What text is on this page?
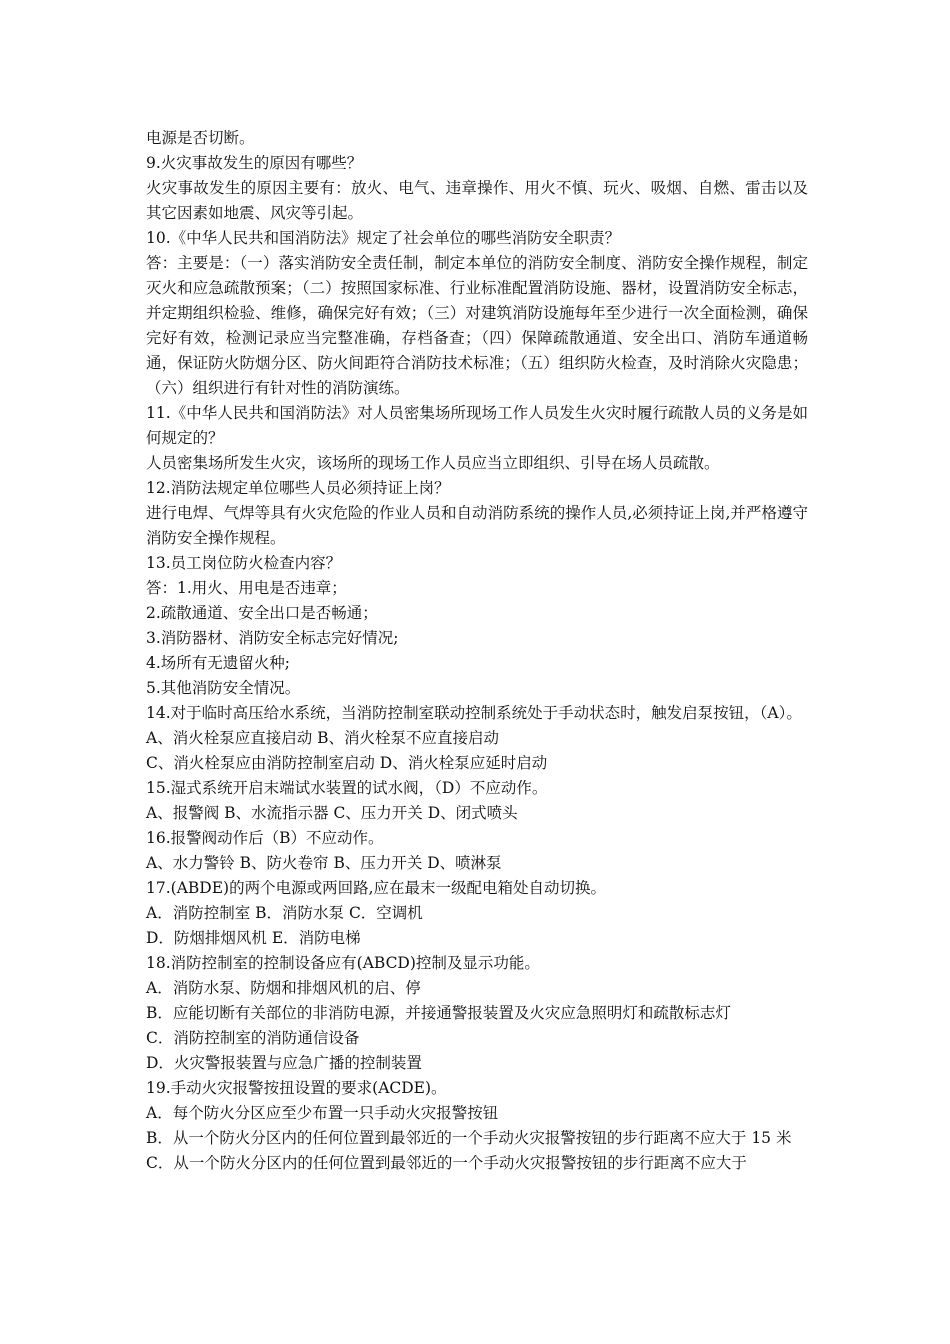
电源是否切断。

9.火灾事故发生的原因有哪些？

火灾事故发生的原因主要有：放火、电气、违章操作、用火不慎、玩火、吸烟、自燃、雷击以及其它因素如地震、风灾等引起。

10.《中华人民共和国消防法》规定了社会单位的哪些消防安全职责？

答：主要是：（一）落实消防安全责任制，制定本单位的消防安全制度、消防安全操作规程，制定灭火和应急疏散预案；（二）按照国家标准、行业标准配置消防设施、器材，设置消防安全标志，并定期组织检验、维修，确保完好有效；（三）对建筑消防设施每年至少进行一次全面检测，确保完好有效，检测记录应当完整准确，存档备查；（四）保障疏散通道、安全出口、消防车通道畅通，保证防火防烟分区、防火间距符合消防技术标准；（五）组织防火检查，及时消除火灾隐患；（六）组织进行有针对性的消防演练。

11.《中华人民共和国消防法》对人员密集场所现场工作人员发生火灾时履行疏散人员的义务是如何规定的？

人员密集场所发生火灾，该场所的现场工作人员应当立即组织、引导在场人员疏散。

12.消防法规定单位哪些人员必须持证上岗？

进行电焊、气焊等具有火灾危险的作业人员和自动消防系统的操作人员,必须持证上岗,并严格遵守消防安全操作规程。

13.员工岗位防火检查内容？

答：1.用火、用电是否违章；

2.疏散通道、安全出口是否畅通；

3.消防器材、消防安全标志完好情况;

4.场所有无遗留火种;

5.其他消防安全情况。

14.对于临时高压给水系统，当消防控制室联动控制系统处于手动状态时，触发启泵按钮，（A）。

A、消火栓泵应直接启动 B、消火栓泵不应直接启动

C、消火栓泵应由消防控制室启动 D、消火栓泵应延时启动

15.湿式系统开启末端试水装置的试水阀，（D）不应动作。

A、报警阀 B、水流指示器 C、压力开关 D、闭式喷头

16.报警阀动作后（B）不应动作。

A、水力警铃 B、防火卷帘 B、压力开关 D、喷淋泵

17.(ABDE)的两个电源或两回路,应在最末一级配电箱处自动切换。

A．消防控制室 B．消防水泵 C．空调机

D．防烟排烟风机 E．消防电梯

18.消防控制室的控制设备应有(ABCD)控制及显示功能。

A．消防水泵、防烟和排烟风机的启、停

B．应能切断有关部位的非消防电源，并接通警报装置及火灾应急照明灯和疏散标志灯

C．消防控制室的消防通信设备

D．火灾警报装置与应急广播的控制装置

19.手动火灾报警按扭设置的要求(ACDE)。

A．每个防火分区应至少布置一只手动火灾报警按钮

B．从一个防火分区内的任何位置到最邻近的一个手动火灾报警按钮的步行距离不应大于 15 米

C．从一个防火分区内的任何位置到最邻近的一个手动火灾报警按钮的步行距离不应大于
